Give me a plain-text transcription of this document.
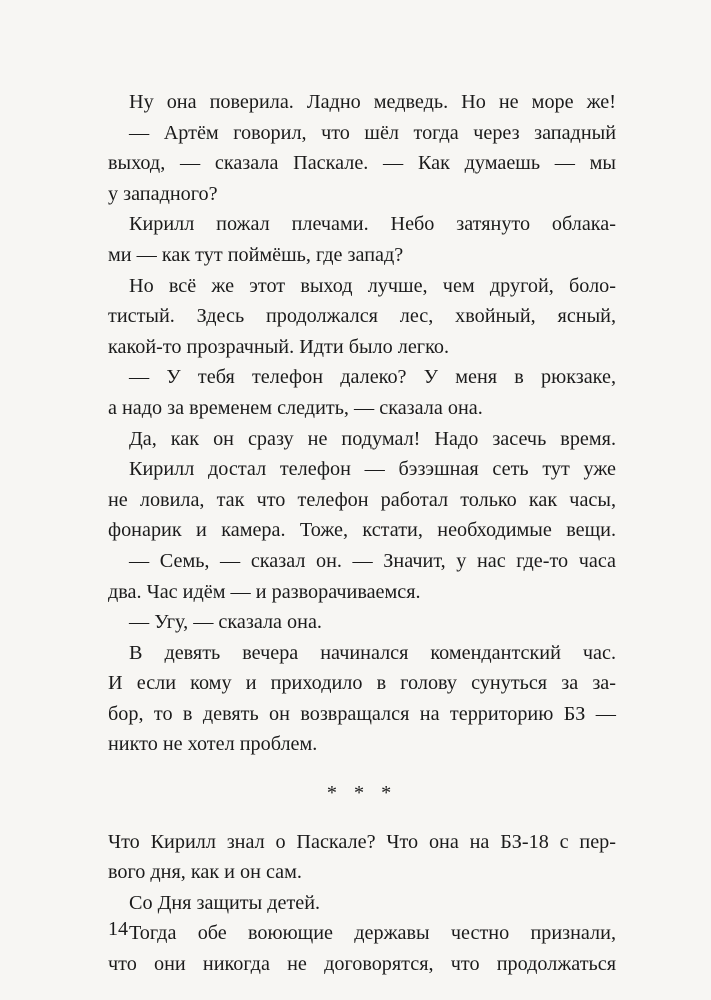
Ну она поверила. Ладно медведь. Но не море же!
— Артём говорил, что шёл тогда через западный
выход, — сказала Паскале. — Как думаешь — мы
у западного?
Кирилл пожал плечами. Небо затянуто облака-
ми — как тут поймёшь, где запад?
Но всё же этот выход лучше, чем другой, боло-
тистый. Здесь продолжался лес, хвойный, ясный,
какой-то прозрачный. Идти было легко.
— У тебя телефон далеко? У меня в рюкзаке,
а надо за временем следить, — сказала она.
Да, как он сразу не подумал! Надо засечь время.
Кирилл достал телефон — бэзэшная сеть тут уже
не ловила, так что телефон работал только как часы,
фонарик и камера. Тоже, кстати, необходимые вещи.
— Семь, — сказал он. — Значит, у нас где-то часа
два. Час идём — и разворачиваемся.
— Угу, — сказала она.
В девять вечера начинался комендантский час.
И если кому и приходило в голову сунуться за за-
бор, то в девять он возвращался на территорию БЗ —
никто не хотел проблем.
* * *
Что Кирилл знал о Паскале? Что она на БЗ-18 с пер-
вого дня, как и он сам.
Со Дня защиты детей.
Тогда обе воюющие державы честно признали,
что они никогда не договорятся, что продолжаться
14
